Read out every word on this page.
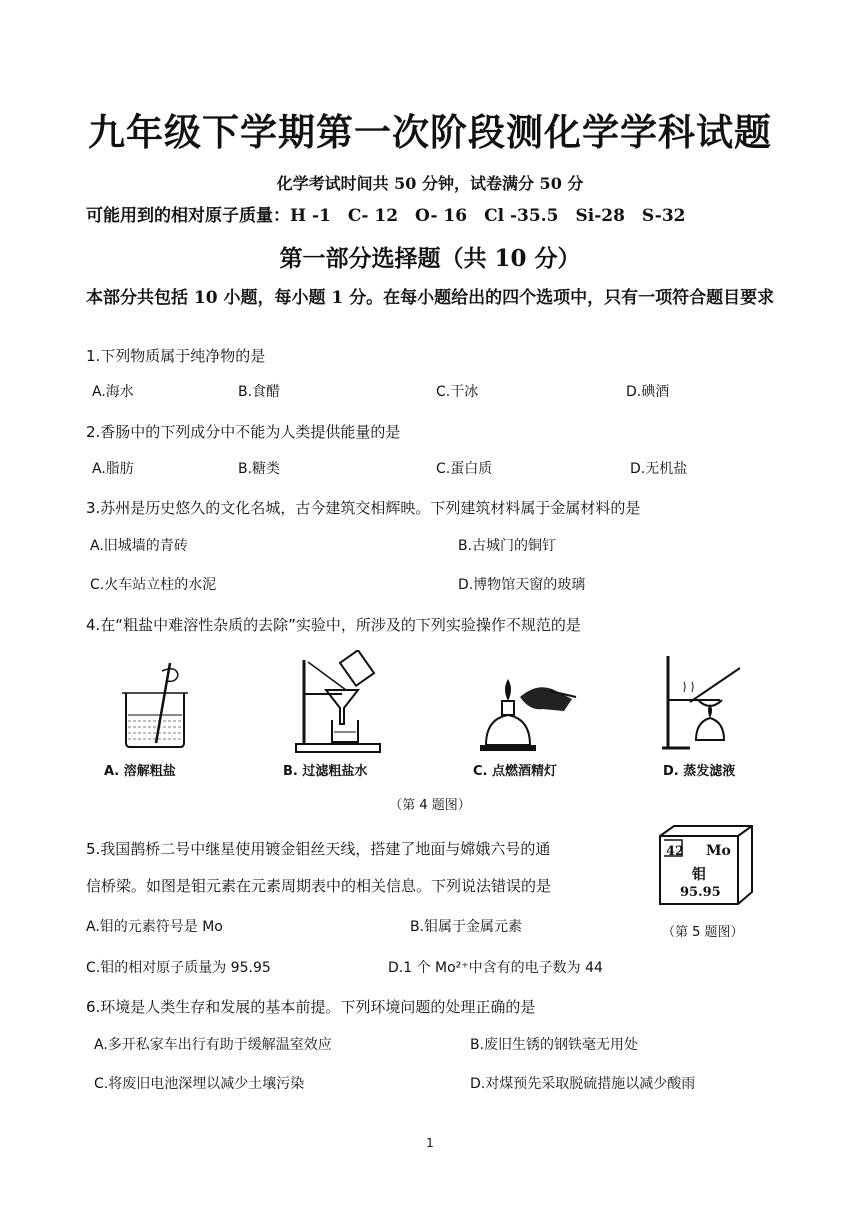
九年级下学期第一次阶段测化学学科试题
化学考试时间共 50 分钟，试卷满分 50 分
可能用到的相对原子质量：H -1　C- 12　O- 16　Cl -35.5　Si-28　S-32
第一部分选择题（共 10 分）
本部分共包括 10 小题，每小题 1 分。在每小题给出的四个选项中，只有一项符合题目要求
1.下列物质属于纯净物的是
A.海水	B.食醋	C.干冰	D.碘酒
2.香肠中的下列成分中不能为人类提供能量的是
A.脂肪	B.糖类	C.蛋白质	D.无机盐
3.苏州是历史悠久的文化名城，古今建筑交相辉映。下列建筑材料属于金属材料的是
A.旧城墙的青砖	B.古城门的铜钉
C.火车站立柱的水泥	D.博物馆天窗的玻璃
4.在“粗盐中难溶性杂质的去除”实验中，所涉及的下列实验操作不规范的是
A. 溶解粗盐	B. 过滤粗盐水	C. 点燃酒精灯	D. 蒸发滤液
（第 4 题图）
5.我国鹊桥二号中继星使用镀金钼丝天线，搭建了地面与嫦娥六号的通
信桥梁。如图是钼元素在元素周期表中的相关信息。下列说法错误的是
A.钼的元素符号是 Mo	B.钼属于金属元素
C.钼的相对原子质量为 95.95	D.1 个 Mo²⁺中含有的电子数为 44
42 Mo
钼
95.95
（第 5 题图）
6.环境是人类生存和发展的基本前提。下列环境问题的处理正确的是
A.多开私家车出行有助于缓解温室效应	B.废旧生锈的钢铁毫无用处
C.将废旧电池深埋以减少土壤污染	D.对煤预先采取脱硫措施以减少酸雨
1
